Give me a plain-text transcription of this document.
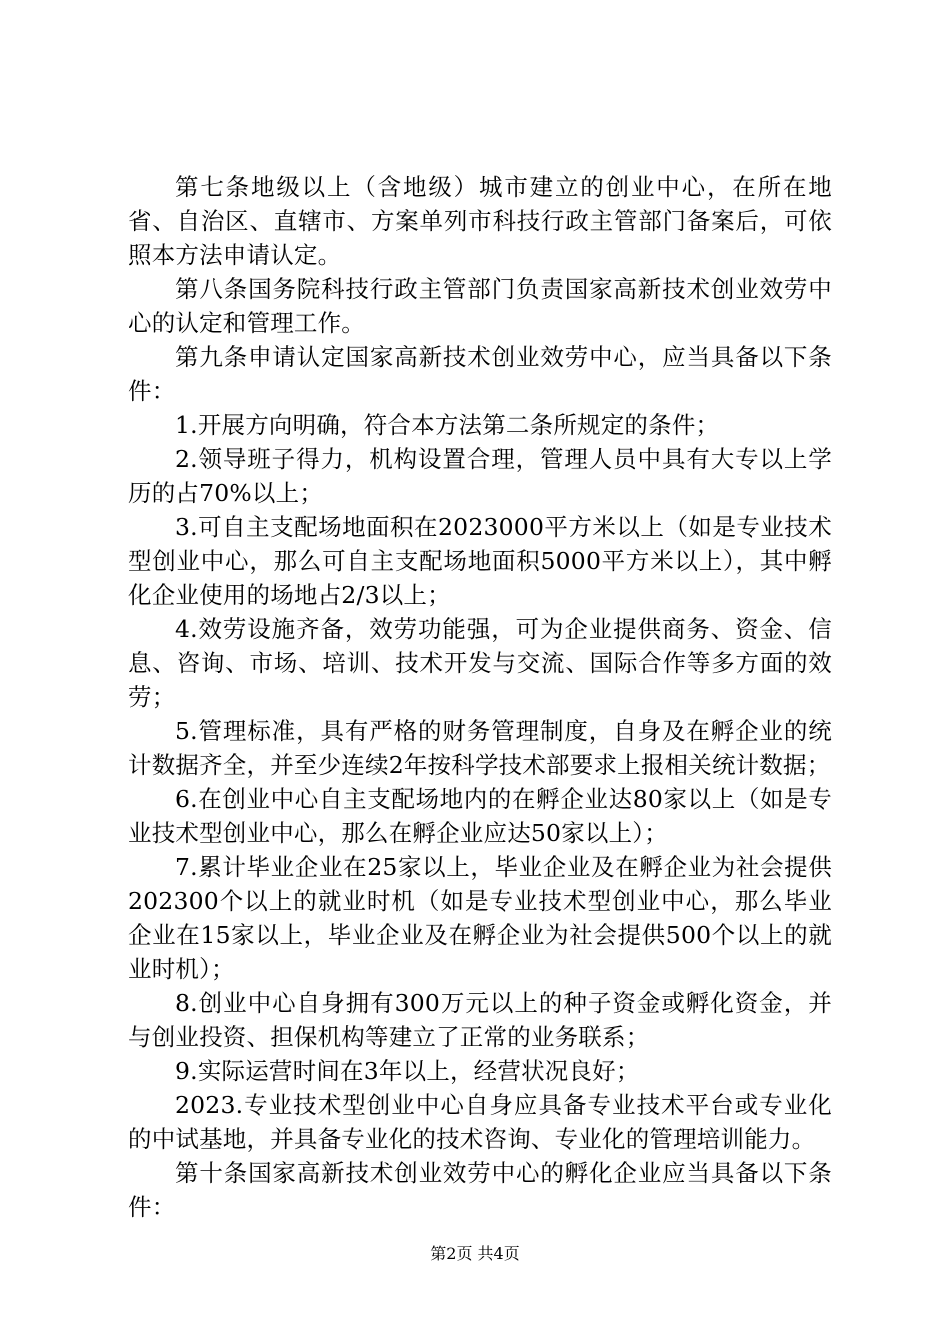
第七条地级以上（含地级）城市建立的创业中心，在所在地省、自治区、直辖市、方案单列市科技行政主管部门备案后，可依照本方法申请认定。

第八条国务院科技行政主管部门负责国家高新技术创业效劳中心的认定和管理工作。

第九条申请认定国家高新技术创业效劳中心，应当具备以下条件：

1.开展方向明确，符合本方法第二条所规定的条件；

2.领导班子得力，机构设置合理，管理人员中具有大专以上学历的占70%以上；

3.可自主支配场地面积在2023000平方米以上（如是专业技术型创业中心，那么可自主支配场地面积5000平方米以上），其中孵化企业使用的场地占2/3以上；

4.效劳设施齐备，效劳功能强，可为企业提供商务、资金、信息、咨询、市场、培训、技术开发与交流、国际合作等多方面的效劳；

5.管理标准，具有严格的财务管理制度，自身及在孵企业的统计数据齐全，并至少连续2年按科学技术部要求上报相关统计数据；

6.在创业中心自主支配场地内的在孵企业达80家以上（如是专业技术型创业中心，那么在孵企业应达50家以上）；

7.累计毕业企业在25家以上，毕业企业及在孵企业为社会提供202300个以上的就业时机（如是专业技术型创业中心，那么毕业企业在15家以上，毕业企业及在孵企业为社会提供500个以上的就业时机）；

8.创业中心自身拥有300万元以上的种子资金或孵化资金，并与创业投资、担保机构等建立了正常的业务联系；

9.实际运营时间在3年以上，经营状况良好；

2023.专业技术型创业中心自身应具备专业技术平台或专业化的中试基地，并具备专业化的技术咨询、专业化的管理培训能力。

第十条国家高新技术创业效劳中心的孵化企业应当具备以下条件：

第2页 共4页
